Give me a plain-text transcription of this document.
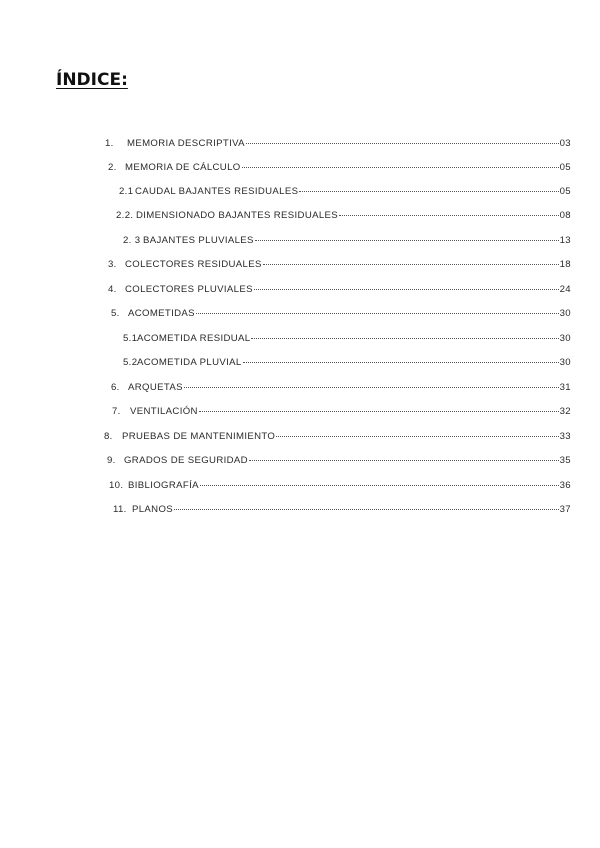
ÍNDICE:
1.	MEMORIA DESCRIPTIVA	03
2. MEMORIA DE CÁLCULO	05
2.1 CAUDAL BAJANTES RESIDUALES	05
2.2. DIMENSIONADO BAJANTES RESIDUALES	08
2. 3 BAJANTES PLUVIALES	13
3. COLECTORES RESIDUALES	18
4. COLECTORES PLUVIALES	24
5. ACOMETIDAS	30
5.1 ACOMETIDA RESIDUAL	30
5.2 ACOMETIDA PLUVIAL	30
6. ARQUETAS	31
7. VENTILACIÓN	32
8. PRUEBAS DE MANTENIMIENTO	33
9. GRADOS DE SEGURIDAD	35
10. BIBLIOGRAFÍA	36
11. PLANOS	37
